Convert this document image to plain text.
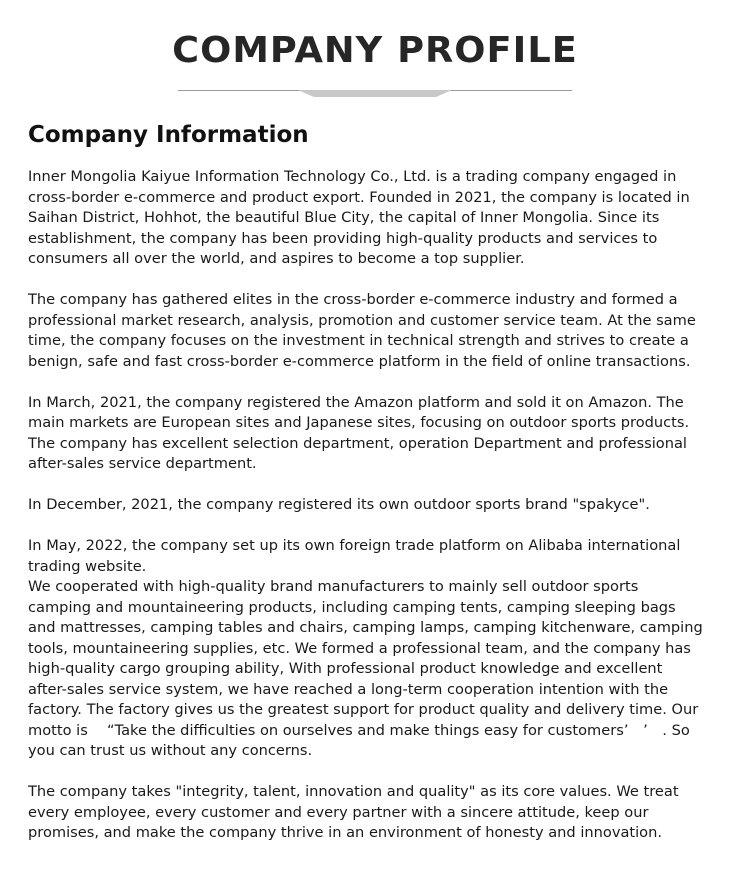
COMPANY PROFILE
Company Information

Inner Mongolia Kaiyue Information Technology Co., Ltd. is a trading company engaged in
cross-border e-commerce and product export. Founded in 2021, the company is located in
Saihan District, Hohhot, the beautiful Blue City, the capital of Inner Mongolia. Since its
establishment, the company has been providing high-quality products and services to
consumers all over the world, and aspires to become a top supplier.

The company has gathered elites in the cross-border e-commerce industry and formed a
professional market research, analysis, promotion and customer service team. At the same
time, the company focuses on the investment in technical strength and strives to create a
benign, safe and fast cross-border e-commerce platform in the field of online transactions.

In March, 2021, the company registered the Amazon platform and sold it on Amazon. The
main markets are European sites and Japanese sites, focusing on outdoor sports products.
The company has excellent selection department, operation Department and professional
after-sales service department.

In December, 2021, the company registered its own outdoor sports brand "spakyce".

In May, 2022, the company set up its own foreign trade platform on Alibaba international
trading website.

We cooperated with high-quality brand manufacturers to mainly sell outdoor sports
camping and mountaineering products, including camping tents, camping sleeping bags
and mattresses, camping tables and chairs, camping lamps, camping kitchenware, camping
tools, mountaineering supplies, etc. We formed a professional team, and the company has
high-quality cargo grouping ability, With professional product knowledge and excellent
after-sales service system, we have reached a long-term cooperation intention with the
factory. The factory gives us the greatest support for product quality and delivery time. Our
motto is 　“Take the difficulties on ourselves and make things easy for customers’　’　. So
you can trust us without any concerns.

The company takes "integrity, talent, innovation and quality" as its core values. We treat
every employee, every customer and every partner with a sincere attitude, keep our
promises, and make the company thrive in an environment of honesty and innovation.
